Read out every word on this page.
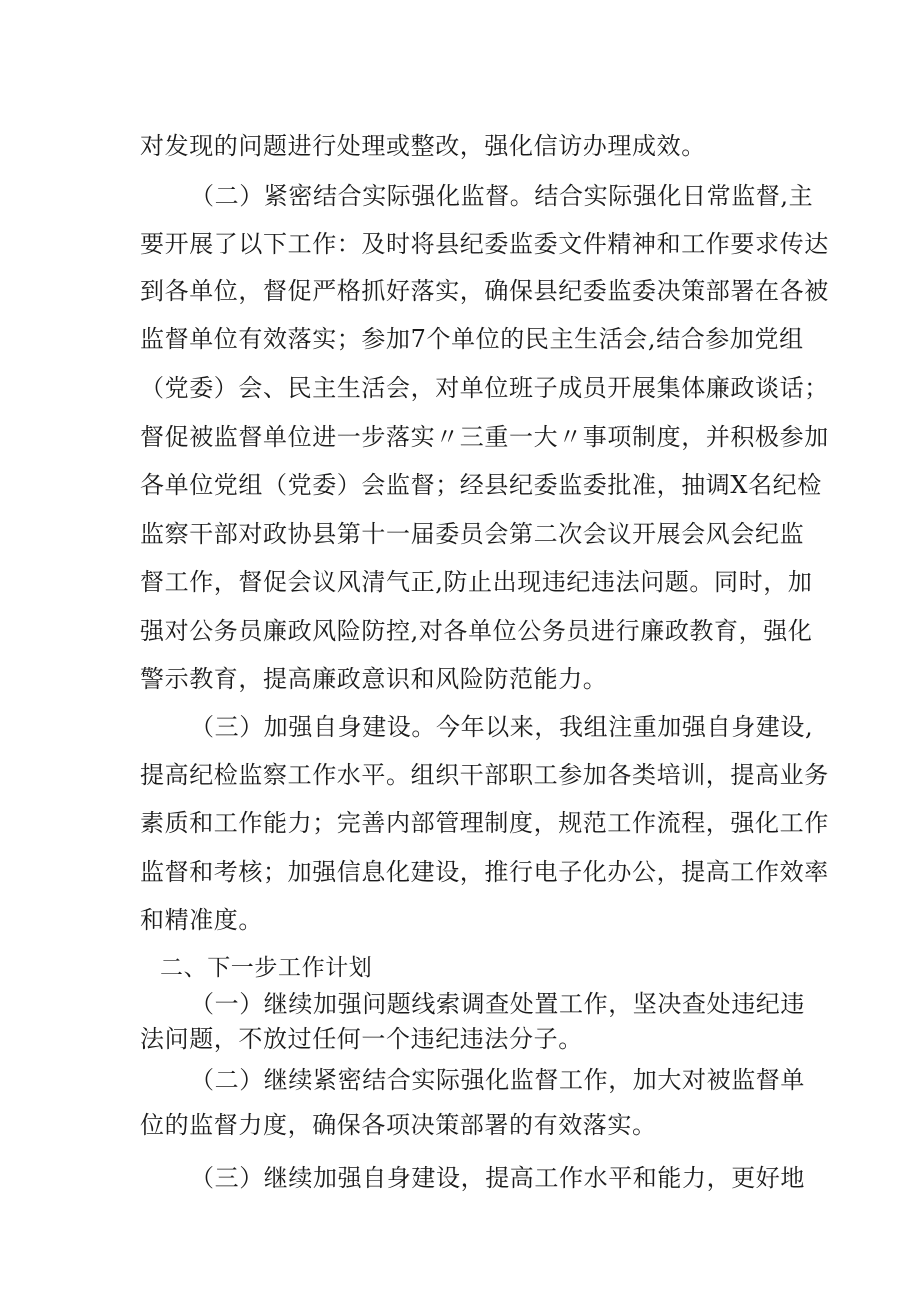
对发现的问题进行处理或整改，强化信访办理成效。
（二）紧密结合实际强化监督。结合实际强化日常监督,主
要开展了以下工作：及时将县纪委监委文件精神和工作要求传达
到各单位，督促严格抓好落实，确保县纪委监委决策部署在各被
监督单位有效落实；参加7个单位的民主生活会,结合参加党组
（党委）会、民主生活会，对单位班子成员开展集体廉政谈话；
督促被监督单位进一步落实〃三重一大〃事项制度，并积极参加
各单位党组（党委）会监督；经县纪委监委批准，抽调X名纪检
监察干部对政协县第十一届委员会第二次会议开展会风会纪监
督工作，督促会议风清气正,防止出现违纪违法问题。同时，加
强对公务员廉政风险防控,对各单位公务员进行廉政教育，强化
警示教育，提高廉政意识和风险防范能力。
（三）加强自身建设。今年以来，我组注重加强自身建设,
提高纪检监察工作水平。组织干部职工参加各类培训，提高业务
素质和工作能力；完善内部管理制度，规范工作流程，强化工作
监督和考核；加强信息化建设，推行电子化办公，提高工作效率
和精准度。
二、下一步工作计划
（一）继续加强问题线索调查处置工作，坚决查处违纪违
法问题，不放过任何一个违纪违法分子。
（二）继续紧密结合实际强化监督工作，加大对被监督单
位的监督力度，确保各项决策部署的有效落实。
（三）继续加强自身建设，提高工作水平和能力，更好地
